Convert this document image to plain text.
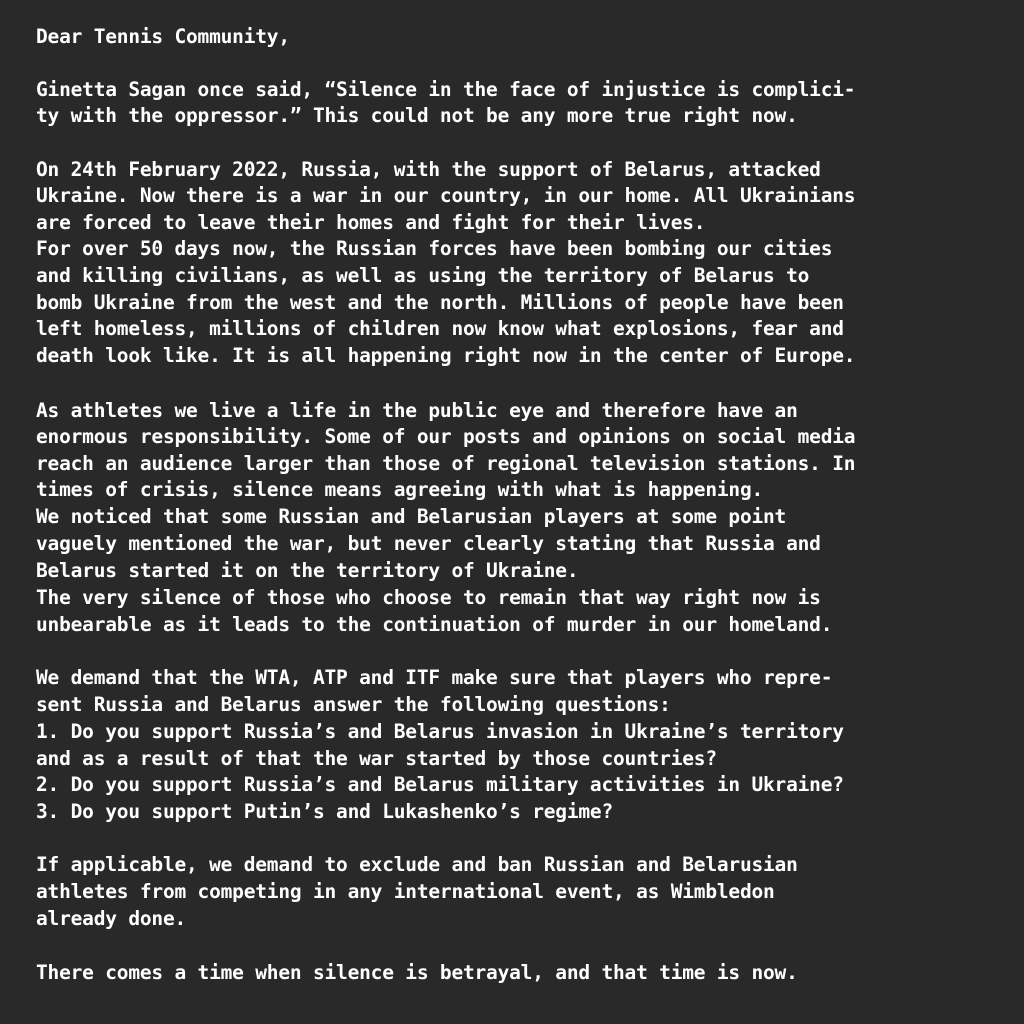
Dear Tennis Community,

Ginetta Sagan once said, “Silence in the face of injustice is complici-

ty with the oppressor.” This could not be any more true right now.

On 24th February 2022, Russia, with the support of Belarus, attacked

Ukraine. Now there is a war in our country, in our home. All Ukrainians

are forced to leave their homes and fight for their lives.

For over 50 days now, the Russian forces have been bombing our cities

and killing civilians, as well as using the territory of Belarus to

bomb Ukraine from the west and the north. Millions of people have been

left homeless, millions of children now know what explosions, fear and

death look like. It is all happening right now in the center of Europe.

As athletes we live a life in the public eye and therefore have an

enormous responsibility. Some of our posts and opinions on social media

reach an audience larger than those of regional television stations. In

times of crisis, silence means agreeing with what is happening.

We noticed that some Russian and Belarusian players at some point

vaguely mentioned the war, but never clearly stating that Russia and

Belarus started it on the territory of Ukraine.

The very silence of those who choose to remain that way right now is

unbearable as it leads to the continuation of murder in our homeland.

We demand that the WTA, ATP and ITF make sure that players who repre-

sent Russia and Belarus answer the following questions:

1. Do you support Russia’s and Belarus invasion in Ukraine’s territory

and as a result of that the war started by those countries?

2. Do you support Russia’s and Belarus military activities in Ukraine?

3. Do you support Putin’s and Lukashenko’s regime?

If applicable, we demand to exclude and ban Russian and Belarusian

athletes from competing in any international event, as Wimbledon

already done.

There comes a time when silence is betrayal, and that time is now.
